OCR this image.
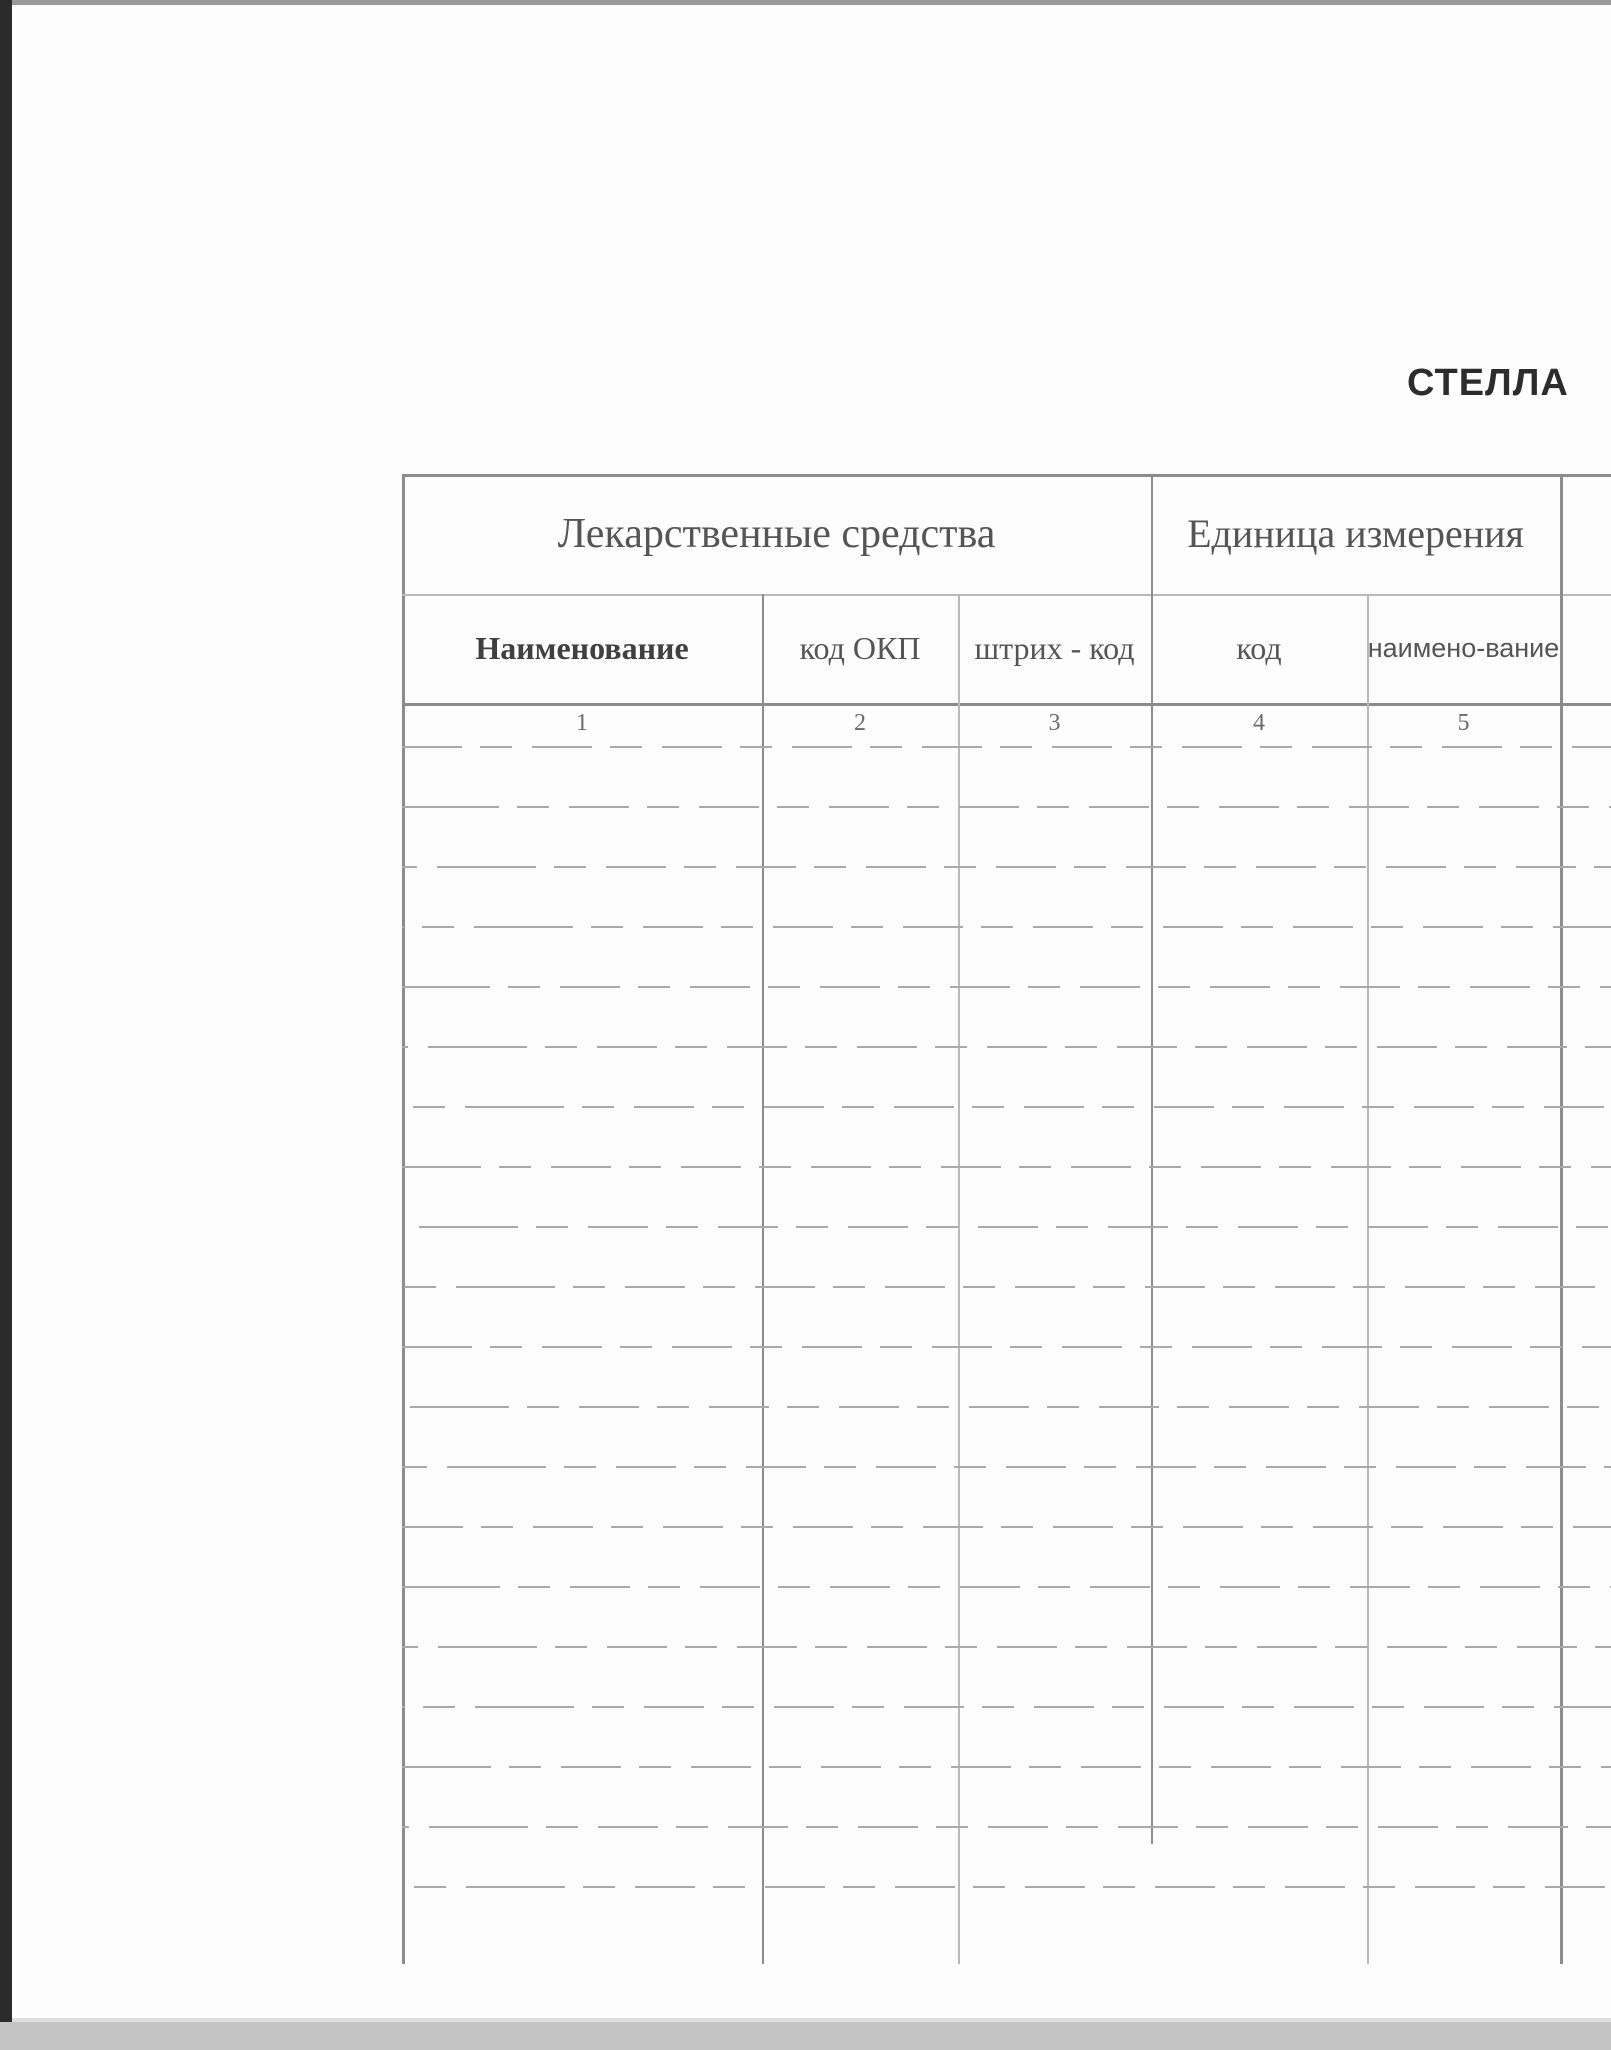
СТЕЛЛА
Лекарственные средства	Единица измерения
Наименование	код ОКП	штрих - код	код	наимено-вание
1	2	3	4	5
